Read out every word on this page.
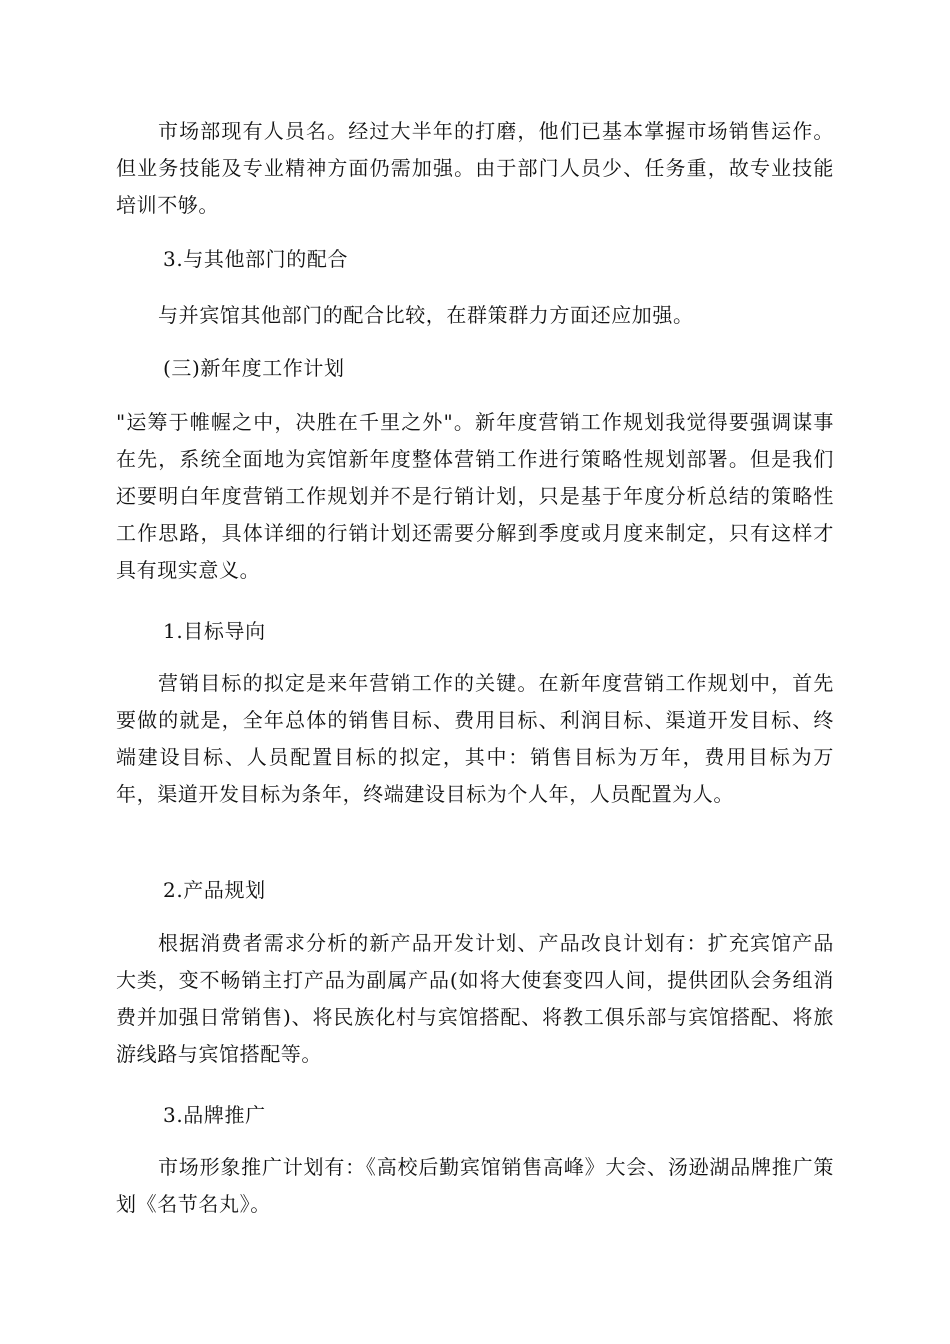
市场部现有人员名。经过大半年的打磨，他们已基本掌握市场销售运作。但业务技能及专业精神方面仍需加强。由于部门人员少、任务重，故专业技能培训不够。

3.与其他部门的配合

与并宾馆其他部门的配合比较，在群策群力方面还应加强。

(三)新年度工作计划

"运筹于帷幄之中，决胜在千里之外"。新年度营销工作规划我觉得要强调谋事在先，系统全面地为宾馆新年度整体营销工作进行策略性规划部署。但是我们还要明白年度营销工作规划并不是行销计划，只是基于年度分析总结的策略性工作思路，具体详细的行销计划还需要分解到季度或月度来制定，只有这样才具有现实意义。

1.目标导向

营销目标的拟定是来年营销工作的关键。在新年度营销工作规划中，首先要做的就是，全年总体的销售目标、费用目标、利润目标、渠道开发目标、终端建设目标、人员配置目标的拟定，其中：销售目标为万年，费用目标为万年，渠道开发目标为条年，终端建设目标为个人年，人员配置为人。

2.产品规划

根据消费者需求分析的新产品开发计划、产品改良计划有：扩充宾馆产品大类，变不畅销主打产品为副属产品(如将大使套变四人间，提供团队会务组消费并加强日常销售)、将民族化村与宾馆搭配、将教工俱乐部与宾馆搭配、将旅游线路与宾馆搭配等。

3.品牌推广

市场形象推广计划有：《高校后勤宾馆销售高峰》大会、汤逊湖品牌推广策划《名节名丸》。
